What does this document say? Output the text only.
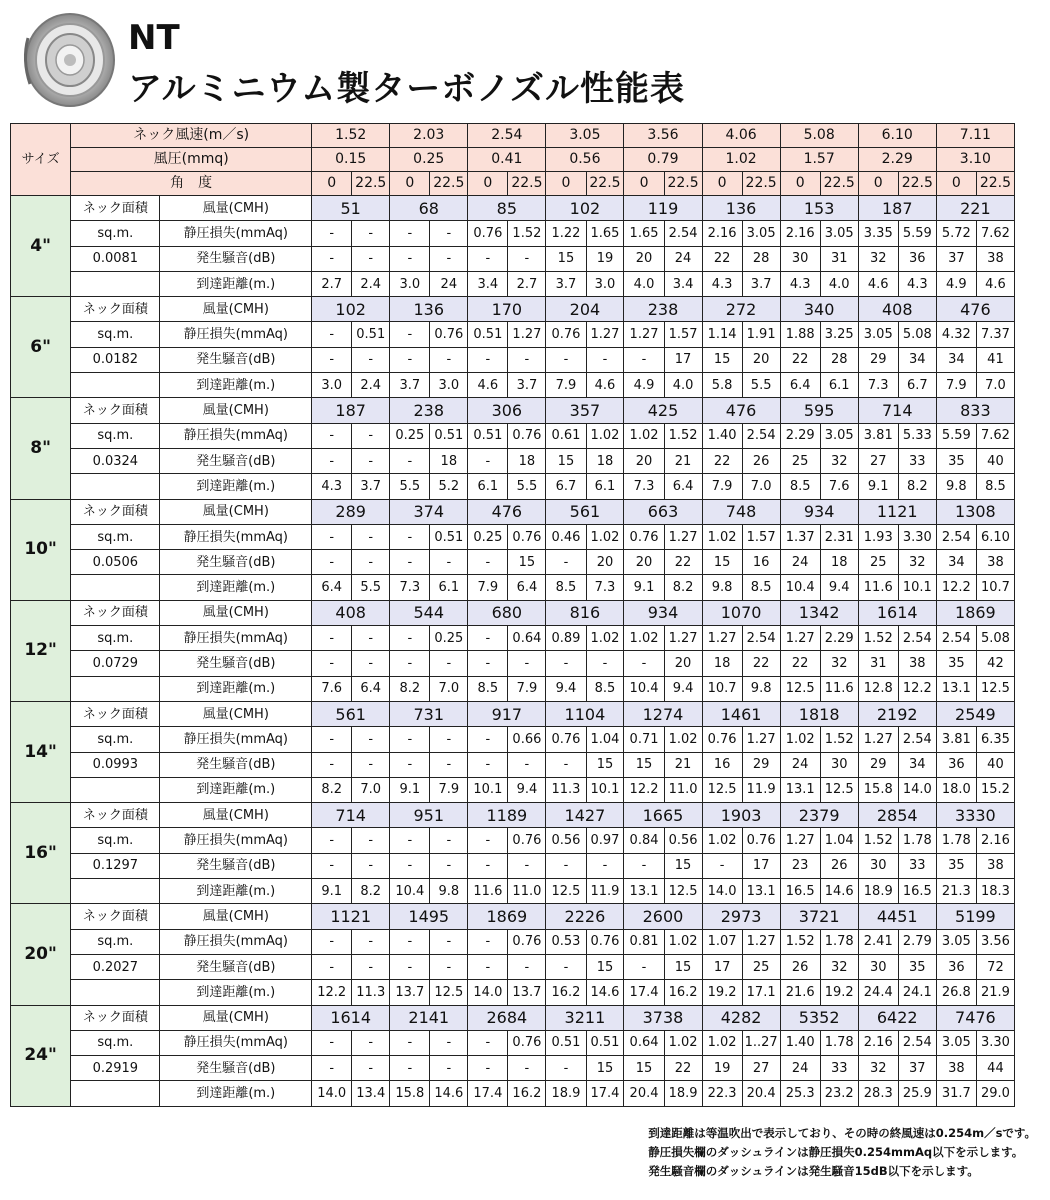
NT
アルミニウム製ターボノズル性能表
サイズ	ネック風速(m／s)		1.52		2.03		2.54		3.05		3.56		4.06		5.08		6.10		7.11	
	風圧(mmq)		0.15		0.25		0.41		0.56		0.79		1.02		1.57		2.29		3.10	
	角　度		0	22.5	0	22.5	0	22.5	0	22.5	0	22.5	0	22.5	0	22.5	0	22.5	0	22.5
4"	ネック面積	風量(CMH)	51		68		85		102		119		136		153		187		221	
	sq.m.	静圧損失(mmAq)	-	-	-	-	0.76	1.52	1.22	1.65	1.65	2.54	2.16	3.05	2.16	3.05	3.35	5.59	5.72	7.62
	0.0081	発生騒音(dB)	-	-	-	-	-	-	15	19	20	24	22	28	30	31	32	36	37	38
		到達距離(m.)	2.7	2.4	3.0	24	3.4	2.7	3.7	3.0	4.0	3.4	4.3	3.7	4.3	4.0	4.6	4.3	4.9	4.6
6"	ネック面積	風量(CMH)	102		136		170		204		238		272		340		408		476	
	sq.m.	静圧損失(mmAq)	-	0.51	-	0.76	0.51	1.27	0.76	1.27	1.27	1.57	1.14	1.91	1.88	3.25	3.05	5.08	4.32	7.37
	0.0182	発生騒音(dB)	-	-	-	-	-	-	-	-	-	17	15	20	22	28	29	34	34	41
		到達距離(m.)	3.0	2.4	3.7	3.0	4.6	3.7	7.9	4.6	4.9	4.0	5.8	5.5	6.4	6.1	7.3	6.7	7.9	7.0
8"	ネック面積	風量(CMH)	187		238		306		357		425		476		595		714		833	
	sq.m.	静圧損失(mmAq)	-	-	0.25	0.51	0.51	0.76	0.61	1.02	1.02	1.52	1.40	2.54	2.29	3.05	3.81	5.33	5.59	7.62
	0.0324	発生騒音(dB)	-	-	-	18	-	18	15	18	20	21	22	26	25	32	27	33	35	40
		到達距離(m.)	4.3	3.7	5.5	5.2	6.1	5.5	6.7	6.1	7.3	6.4	7.9	7.0	8.5	7.6	9.1	8.2	9.8	8.5
10"	ネック面積	風量(CMH)	289		374		476		561		663		748		934		1121		1308	
	sq.m.	静圧損失(mmAq)	-	-	-	0.51	0.25	0.76	0.46	1.02	0.76	1.27	1.02	1.57	1.37	2.31	1.93	3.30	2.54	6.10
	0.0506	発生騒音(dB)	-	-	-	-	-	15	-	20	20	22	15	16	24	18	25	32	34	38
		到達距離(m.)	6.4	5.5	7.3	6.1	7.9	6.4	8.5	7.3	9.1	8.2	9.8	8.5	10.4	9.4	11.6	10.1	12.2	10.7
12"	ネック面積	風量(CMH)	408		544		680		816		934		1070		1342		1614		1869	
	sq.m.	静圧損失(mmAq)	-	-	-	0.25	-	0.64	0.89	1.02	1.02	1.27	1.27	2.54	1.27	2.29	1.52	2.54	2.54	5.08
	0.0729	発生騒音(dB)	-	-	-	-	-	-	-	-	-	20	18	22	22	32	31	38	35	42
		到達距離(m.)	7.6	6.4	8.2	7.0	8.5	7.9	9.4	8.5	10.4	9.4	10.7	9.8	12.5	11.6	12.8	12.2	13.1	12.5
14"	ネック面積	風量(CMH)	561		731		917		1104		1274		1461		1818		2192		2549	
	sq.m.	静圧損失(mmAq)	-	-	-	-	-	0.66	0.76	1.04	0.71	1.02	0.76	1.27	1.02	1.52	1.27	2.54	3.81	6.35
	0.0993	発生騒音(dB)	-	-	-	-	-	-	-	15	15	21	16	29	24	30	29	34	36	40
		到達距離(m.)	8.2	7.0	9.1	7.9	10.1	9.4	11.3	10.1	12.2	11.0	12.5	11.9	13.1	12.5	15.8	14.0	18.0	15.2
16"	ネック面積	風量(CMH)	714		951		1189		1427		1665		1903		2379		2854		3330	
	sq.m.	静圧損失(mmAq)	-	-	-	-	-	0.76	0.56	0.97	0.84	0.56	1.02	0.76	1.27	1.04	1.52	1.78	1.78	2.16
	0.1297	発生騒音(dB)	-	-	-	-	-	-	-	-	-	15	-	17	23	26	30	33	35	38
		到達距離(m.)	9.1	8.2	10.4	9.8	11.6	11.0	12.5	11.9	13.1	12.5	14.0	13.1	16.5	14.6	18.9	16.5	21.3	18.3
20"	ネック面積	風量(CMH)	1121		1495		1869		2226		2600		2973		3721		4451		5199	
	sq.m.	静圧損失(mmAq)	-	-	-	-	-	0.76	0.53	0.76	0.81	1.02	1.07	1.27	1.52	1.78	2.41	2.79	3.05	3.56
	0.2027	発生騒音(dB)	-	-	-	-	-	-	-	15	-	15	17	25	26	32	30	35	36	72
		到達距離(m.)	12.2	11.3	13.7	12.5	14.0	13.7	16.2	14.6	17.4	16.2	19.2	17.1	21.6	19.2	24.4	24.1	26.8	21.9
24"	ネック面積	風量(CMH)	1614		2141		2684		3211		3738		4282		5352		6422		7476	
	sq.m.	静圧損失(mmAq)	-	-	-	-	-	0.76	0.51	0.51	0.64	1.02	1.02	1..27	1.40	1.78	2.16	2.54	3.05	3.30
	0.2919	発生騒音(dB)	-	-	-	-	-	-	-	15	15	22	19	27	24	33	32	37	38	44
		到達距離(m.)	14.0	13.4	15.8	14.6	17.4	16.2	18.9	17.4	20.4	18.9	22.3	20.4	25.3	23.2	28.3	25.9	31.7	29.0
到達距離は等温吹出で表示しており、その時の終風速は0.254m／sです。
静圧損失欄のダッシュラインは静圧損失0.254mmAq以下を示します。
発生騒音欄のダッシュラインは発生騒音15dB以下を示します。
